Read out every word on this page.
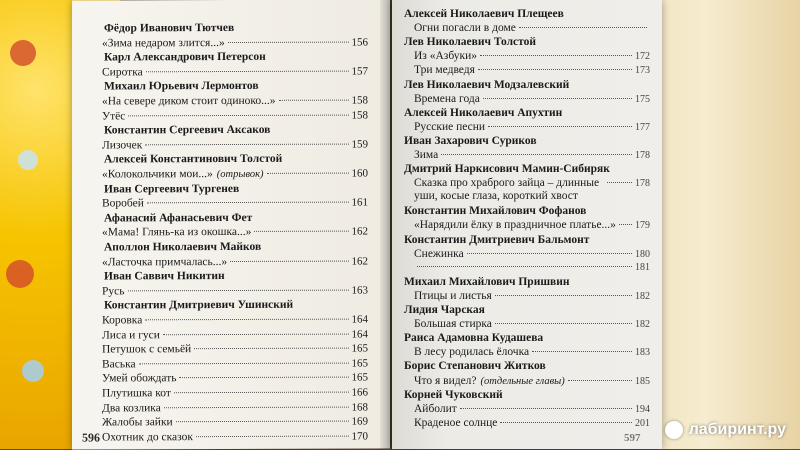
Фёдор Иванович Тютчев
«Зима недаром злится...»	156
Карл Александрович Петерсон
Сиротка	157
Михаил Юрьевич Лермонтов
«На севере диком стоит одиноко...»	158
Утёс	158
Константин Сергеевич Аксаков
Лизочек	159
Алексей Константинович Толстой
«Колокольчики мои...» (отрывок)	160
Иван Сергеевич Тургенев
Воробей	161
Афанасий Афанасьевич Фет
«Мама! Глянь-ка из окошка...»	162
Аполлон Николаевич Майков
«Ласточка примчалась...»	162
Иван Саввич Никитин
Русь	163
Константин Дмитриевич Ушинский
Коровка	164
Лиса и гуси	164
Петушок с семьёй	165
Васька	165
Умей обождать	165
Плутишка кот	166
Два козлика	168
Жалобы зайки	169
Охотник до сказок	170
596
Алексей Николаевич Плещеев
Огни погасли в доме
Лев Николаевич Толстой
Из «Азбуки»	172
Три медведя	173
Лев Николаевич Модзалевский
Времена года	175
Алексей Николаевич Апухтин
Русские песни	177
Иван Захарович Суриков
Зима	178
Дмитрий Наркисович Мамин-Сибиряк
Сказка про храброго зайца – длинные уши, косые глаза, короткий хвост
178
Константин Михайлович Фофанов
«Нарядили ёлку в праздничное платье...» 179
Константин Дмитриевич Бальмонт
Снежинка	180
181
Михаил Михайлович Пришвин
Птицы и листья	182
Лидия Чарская
Большая стирка	182
Раиса Адамовна Кудашева
В лесу родилась ёлочка	183
Борис Степанович Житков
Что я видел? (отдельные главы)	185
Корней Чуковский
Айболит	194
Краденое солнце	201
597	лабиринт.ру
